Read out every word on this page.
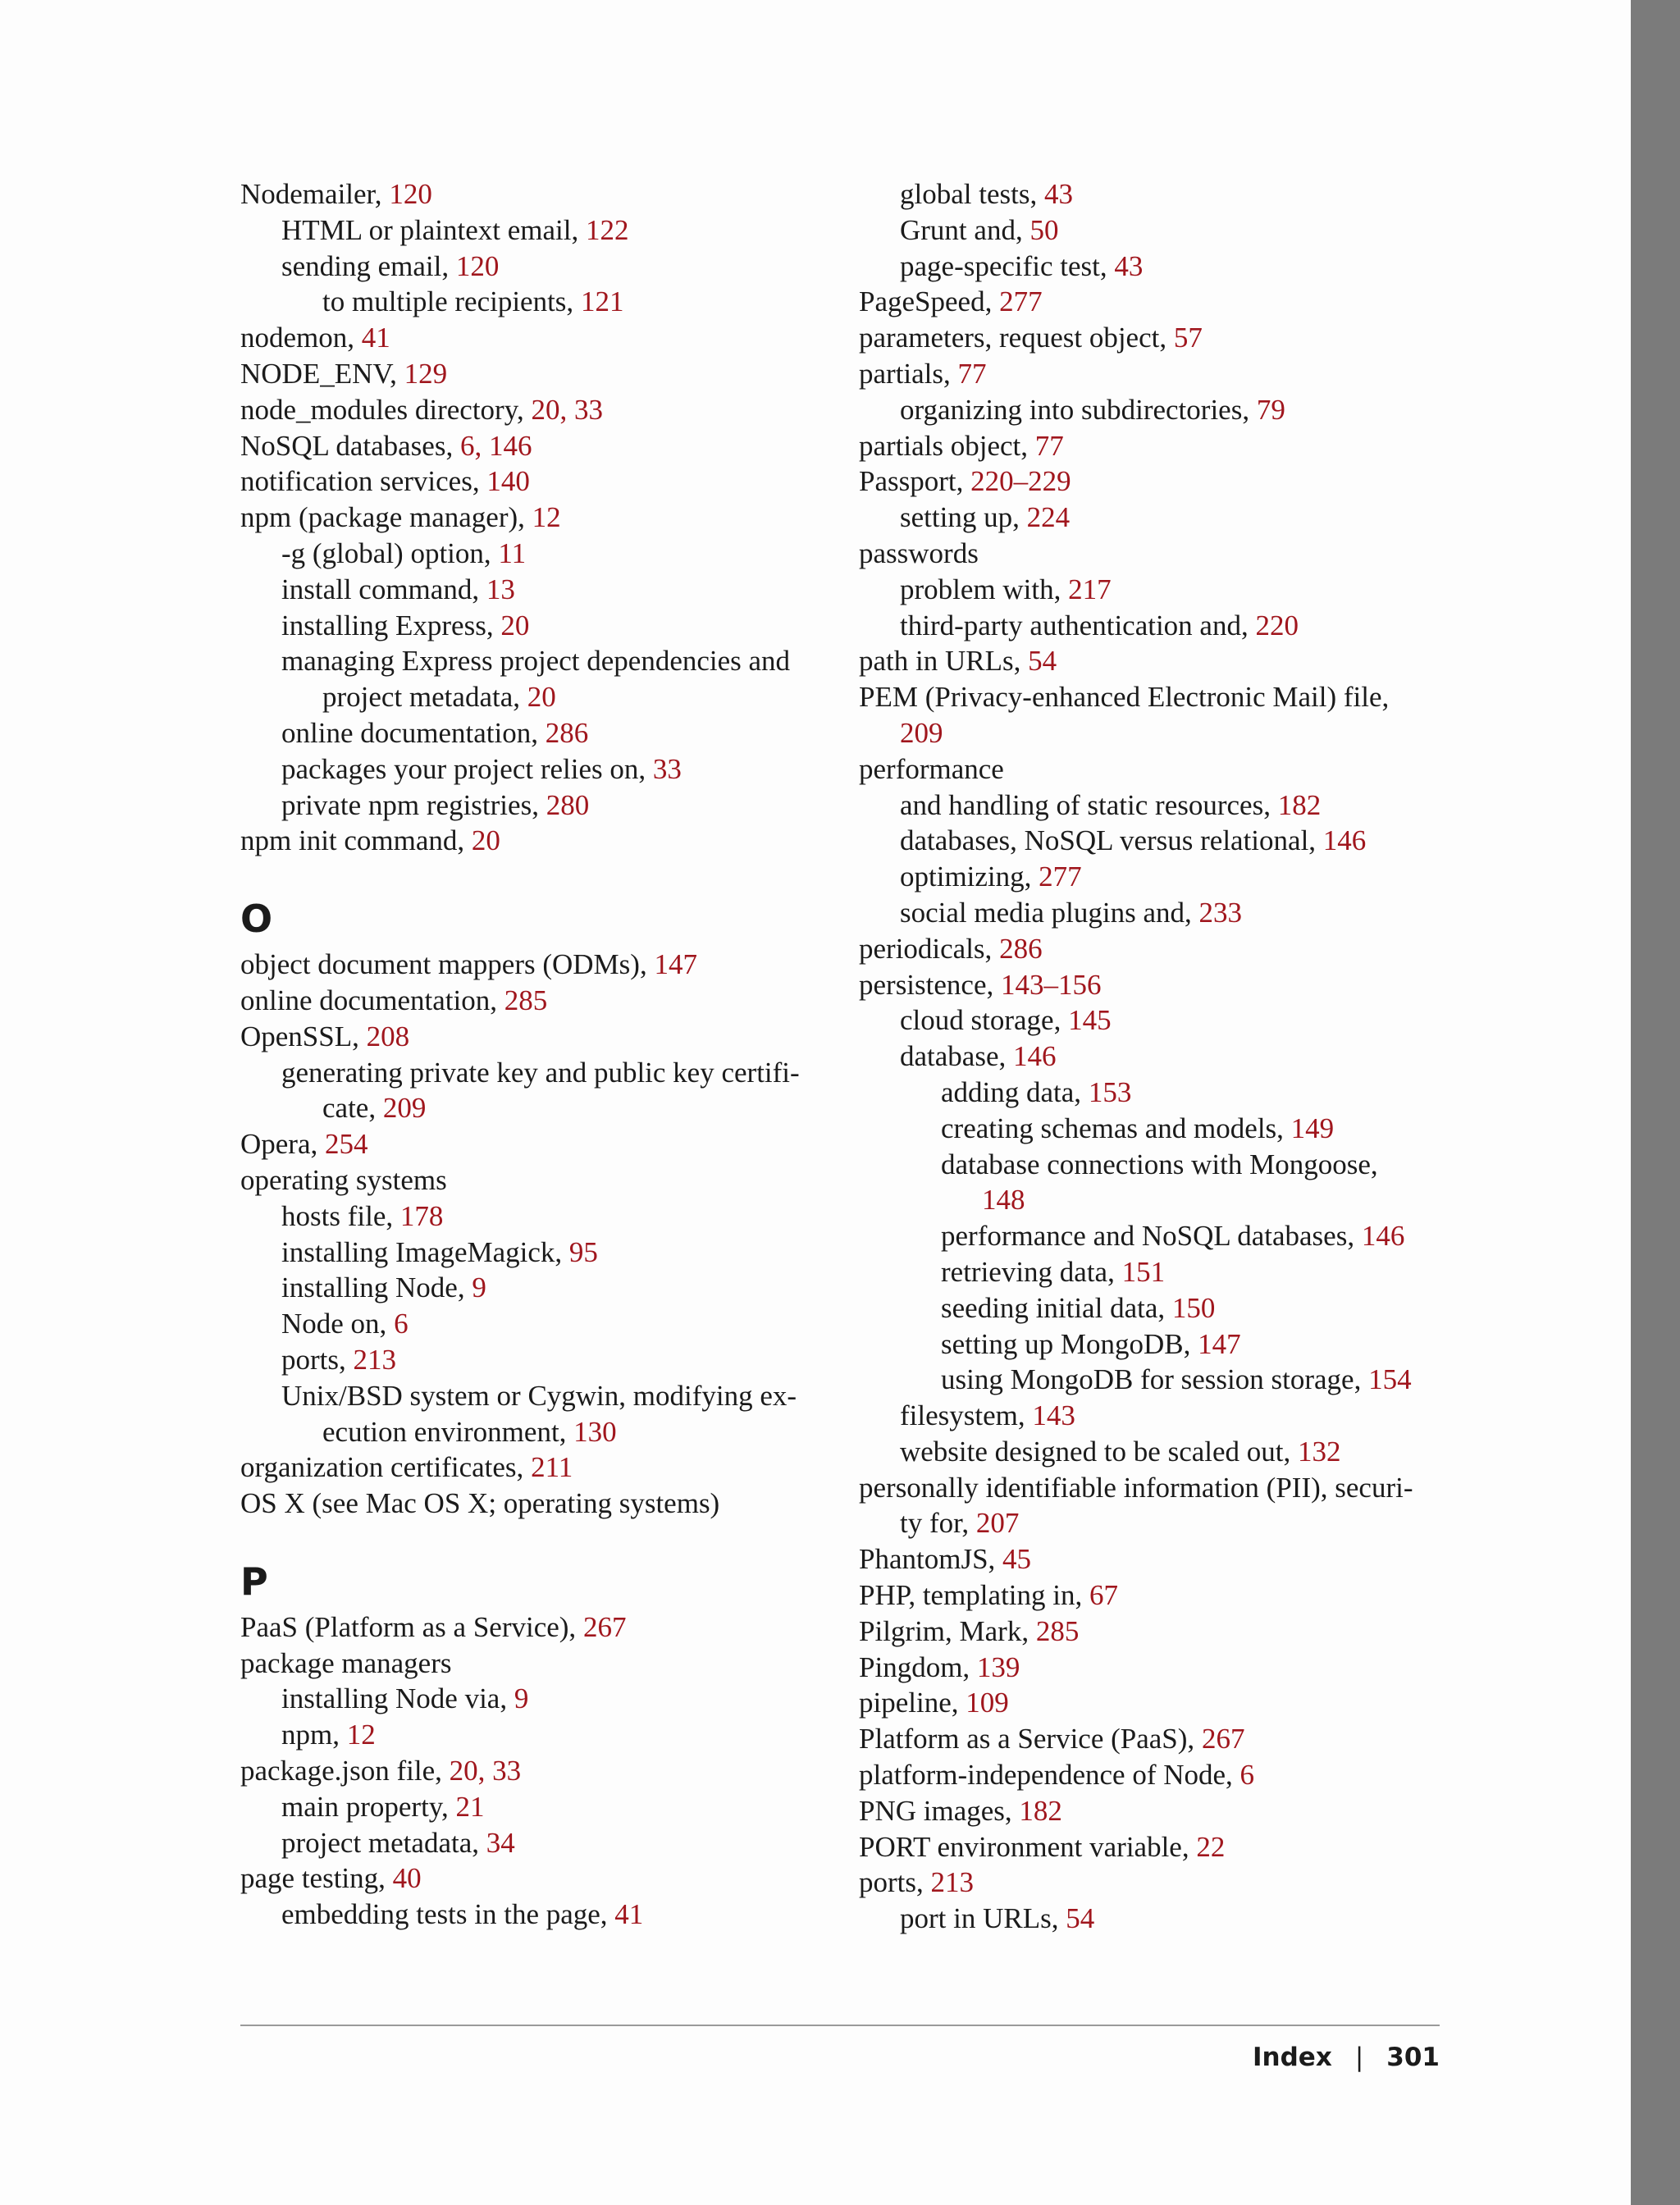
Nodemailer, 120
HTML or plaintext email, 122
sending email, 120
to multiple recipients, 121
nodemon, 41
NODE_ENV, 129
node_modules directory, 20, 33
NoSQL databases, 6, 146
notification services, 140
npm (package manager), 12
-g (global) option, 11
install command, 13
installing Express, 20
managing Express project dependencies and
project metadata, 20
online documentation, 286
packages your project relies on, 33
private npm registries, 280
npm init command, 20
O
object document mappers (ODMs), 147
online documentation, 285
OpenSSL, 208
generating private key and public key certifi-
cate, 209
Opera, 254
operating systems
hosts file, 178
installing ImageMagick, 95
installing Node, 9
Node on, 6
ports, 213
Unix/BSD system or Cygwin, modifying ex-
ecution environment, 130
organization certificates, 211
OS X (see Mac OS X; operating systems)
P
PaaS (Platform as a Service), 267
package managers
installing Node via, 9
npm, 12
package.json file, 20, 33
main property, 21
project metadata, 34
page testing, 40
embedding tests in the page, 41
global tests, 43
Grunt and, 50
page-specific test, 43
PageSpeed, 277
parameters, request object, 57
partials, 77
organizing into subdirectories, 79
partials object, 77
Passport, 220–229
setting up, 224
passwords
problem with, 217
third-party authentication and, 220
path in URLs, 54
PEM (Privacy-enhanced Electronic Mail) file,
209
performance
and handling of static resources, 182
databases, NoSQL versus relational, 146
optimizing, 277
social media plugins and, 233
periodicals, 286
persistence, 143–156
cloud storage, 145
database, 146
adding data, 153
creating schemas and models, 149
database connections with Mongoose,
148
performance and NoSQL databases, 146
retrieving data, 151
seeding initial data, 150
setting up MongoDB, 147
using MongoDB for session storage, 154
filesystem, 143
website designed to be scaled out, 132
personally identifiable information (PII), securi-
ty for, 207
PhantomJS, 45
PHP, templating in, 67
Pilgrim, Mark, 285
Pingdom, 139
pipeline, 109
Platform as a Service (PaaS), 267
platform-independence of Node, 6
PNG images, 182
PORT environment variable, 22
ports, 213
port in URLs, 54
Index | 301
